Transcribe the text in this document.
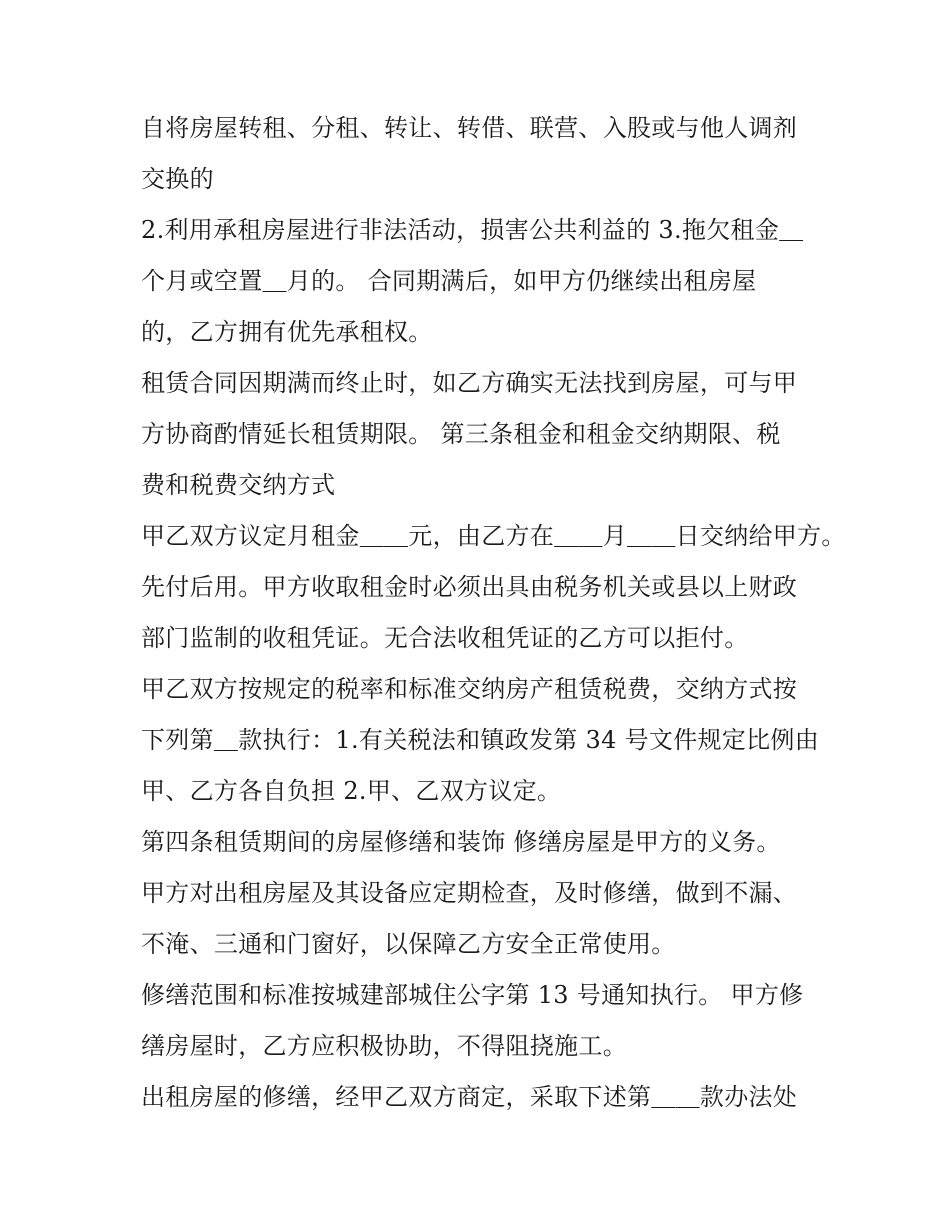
自将房屋转租、分租、转让、转借、联营、入股或与他人调剂
交换的
2.利用承租房屋进行非法活动，损害公共利益的 3.拖欠租金＿
个月或空置＿月的。 合同期满后，如甲方仍继续出租房屋
的，乙方拥有优先承租权。
租赁合同因期满而终止时，如乙方确实无法找到房屋，可与甲
方协商酌情延长租赁期限。 第三条租金和租金交纳期限、税
费和税费交纳方式
甲乙双方议定月租金＿＿元，由乙方在＿＿月＿＿日交纳给甲方。
先付后用。甲方收取租金时必须出具由税务机关或县以上财政
部门监制的收租凭证。无合法收租凭证的乙方可以拒付。
甲乙双方按规定的税率和标准交纳房产租赁税费，交纳方式按
下列第＿款执行：1.有关税法和镇政发第 34 号文件规定比例由
甲、乙方各自负担 2.甲、乙双方议定。
第四条租赁期间的房屋修缮和装饰 修缮房屋是甲方的义务。
甲方对出租房屋及其设备应定期检查，及时修缮，做到不漏、
不淹、三通和门窗好，以保障乙方安全正常使用。
修缮范围和标准按城建部城住公字第 13 号通知执行。 甲方修
缮房屋时，乙方应积极协助，不得阻挠施工。
出租房屋的修缮，经甲乙双方商定，采取下述第＿＿款办法处
